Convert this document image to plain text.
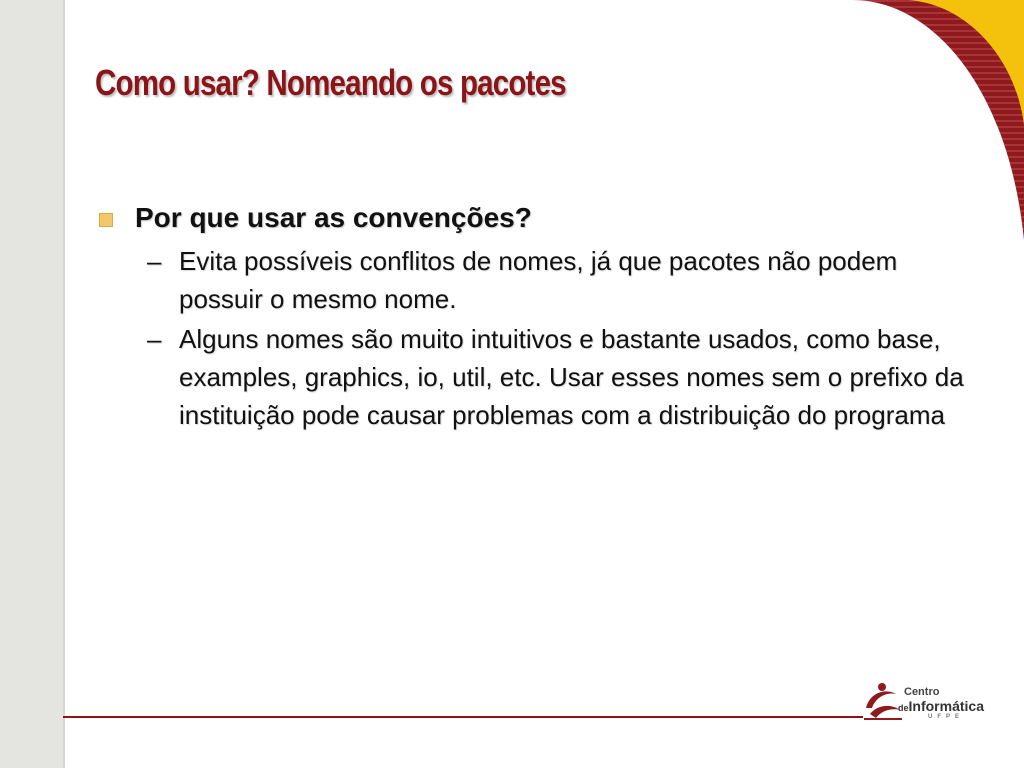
Como usar? Nomeando os pacotes
Por que usar as convenções?
– Evita possíveis conflitos de nomes, já que pacotes não podem possuir o mesmo nome.
– Alguns nomes são muito intuitivos e bastante usados, como base, examples, graphics, io, util, etc. Usar esses nomes sem o prefixo da instituição pode causar problemas com a distribuição do programa
Centro
deInformática
UFPE
